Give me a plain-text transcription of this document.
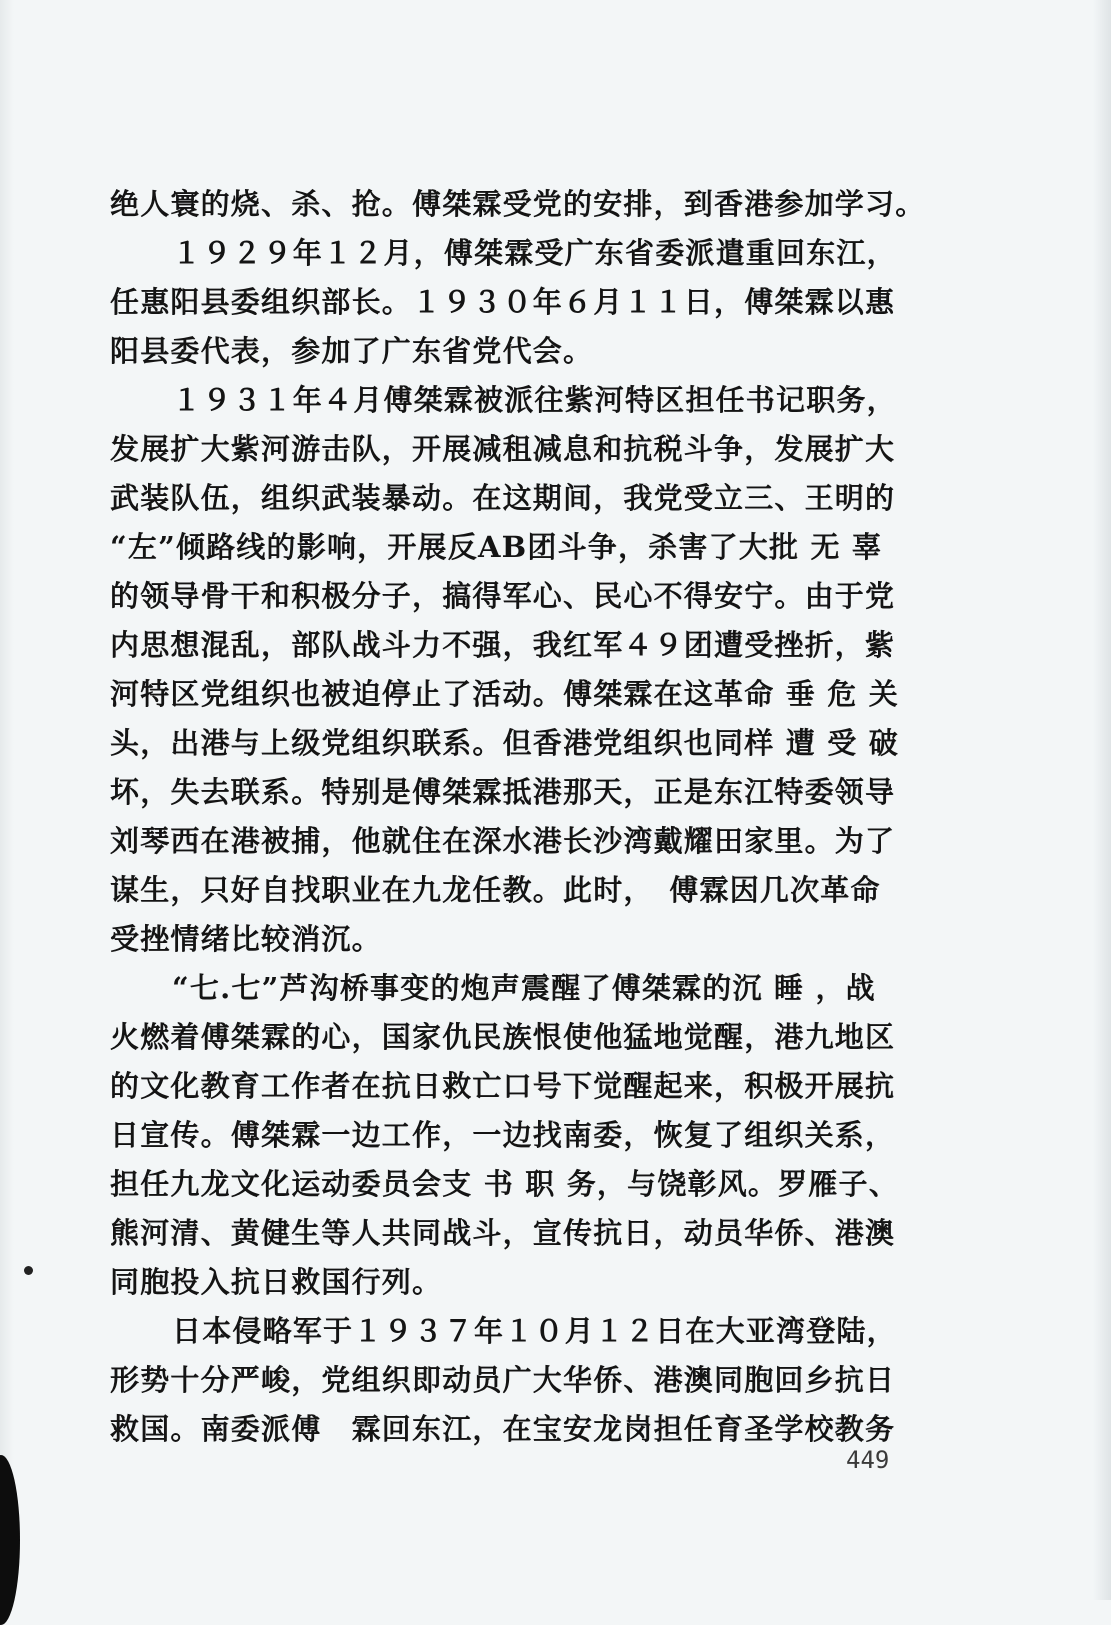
绝人寰的烧、杀、抢。傅桀霖受党的安排，到香港参加学习。
１９２９年１２月，傅桀霖受广东省委派遣重回东江，
任惠阳县委组织部长。１９３０年６月１１日，傅桀霖以惠
阳县委代表，参加了广东省党代会。
１９３１年４月傅桀霖被派往紫河特区担任书记职务，
发展扩大紫河游击队，开展减租减息和抗税斗争，发展扩大
武装队伍，组织武装暴动。在这期间，我党受立三、王明的
“左”倾路线的影响，开展反AB团斗争，杀害了大批 无 辜
的领导骨干和积极分子，搞得军心、民心不得安宁。由于党
内思想混乱，部队战斗力不强，我红军４９团遭受挫折，紫
河特区党组织也被迫停止了活动。傅桀霖在这革命 垂 危 关
头，出港与上级党组织联系。但香港党组织也同样 遭 受 破
坏，失去联系。特别是傅桀霖抵港那天，正是东江特委领导
刘琴西在港被捕，他就住在深水港长沙湾戴耀田家里。为了
谋生，只好自找职业在九龙任教。此时，　傅霖因几次革命
受挫情绪比较消沉。
“七.七”芦沟桥事变的炮声震醒了傅桀霖的沉 睡 ，战
火燃着傅桀霖的心，国家仇民族恨使他猛地觉醒，港九地区
的文化教育工作者在抗日救亡口号下觉醒起来，积极开展抗
日宣传。傅桀霖一边工作，一边找南委，恢复了组织关系，
担任九龙文化运动委员会支 书 职 务，与饶彰风。罗雁子、
熊河清、黄健生等人共同战斗，宣传抗日，动员华侨、港澳
同胞投入抗日救国行列。
日本侵略军于１９３７年１０月１２日在大亚湾登陆，
形势十分严峻，党组织即动员广大华侨、港澳同胞回乡抗日
救国。南委派傅　霖回东江，在宝安龙岗担任育圣学校教务
449
